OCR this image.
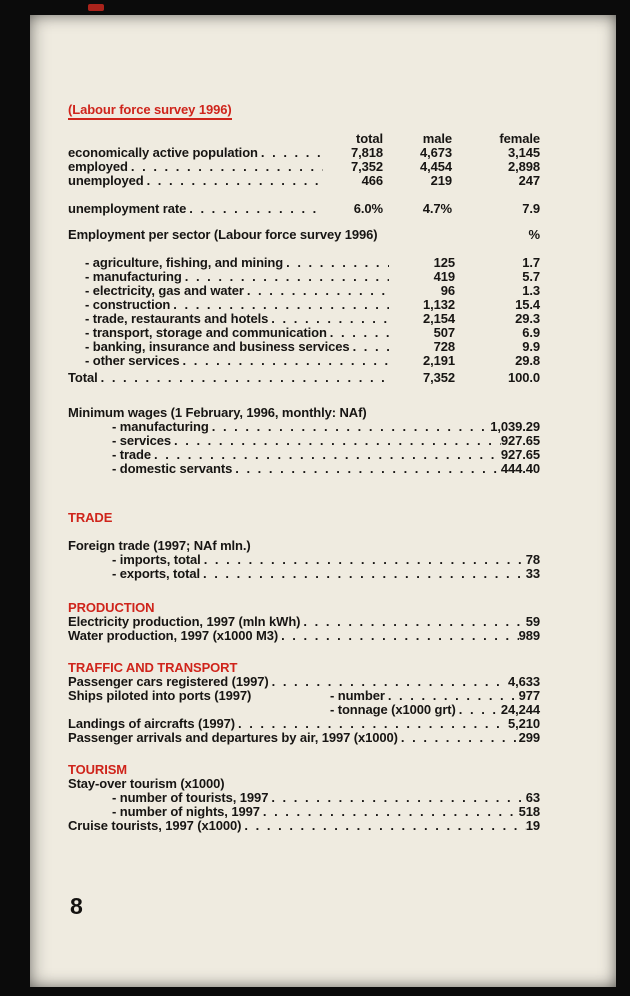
(Labour force survey 1996)
total	male	female
economically active population . . .	7,818	4,673	3,145
employed . . .	7,352	4,454	2,898
unemployed . . .	466	219	247
unemployment rate . . .	6.0%	4.7%	7.9
Employment per sector (Labour force survey 1996)	%
- agriculture, fishing, and mining . . .	125	1.7
- manufacturing . . .	419	5.7
- electricity, gas and water . . .	96	1.3
- construction . . .	1,132	15.4
- trade, restaurants and hotels . . .	2,154	29.3
- transport, storage and communication . . .	507	6.9
- banking, insurance and business services . . .	728	9.9
- other services . . .	2,191	29.8
Total . . .	7,352	100.0
Minimum wages (1 February, 1996, monthly: NAf)
- manufacturing . . .	1,039.29
- services . . .	927.65
- trade . . .	927.65
- domestic servants . . .	444.40
TRADE
Foreign trade (1997; NAf mln.)
- imports, total . . .	78
- exports, total . . .	33
PRODUCTION
Electricity production, 1997 (mln kWh) . . .	59
Water production, 1997 (x1000 M3) . . .	989
TRAFFIC AND TRANSPORT
Passenger cars registered (1997) . . .	4,633
Ships piloted into ports (1997)	- number . . .	977
- tonnage (x1000 grt) . . .	24,244
Landings of aircrafts (1997) . . .	5,210
Passenger arrivals and departures by air, 1997 (x1000) . . .	299
TOURISM
Stay-over tourism (x1000)
- number of tourists, 1997 . . .	63
- number of nights, 1997 . . .	518
Cruise tourists, 1997 (x1000) . . .	19
8
